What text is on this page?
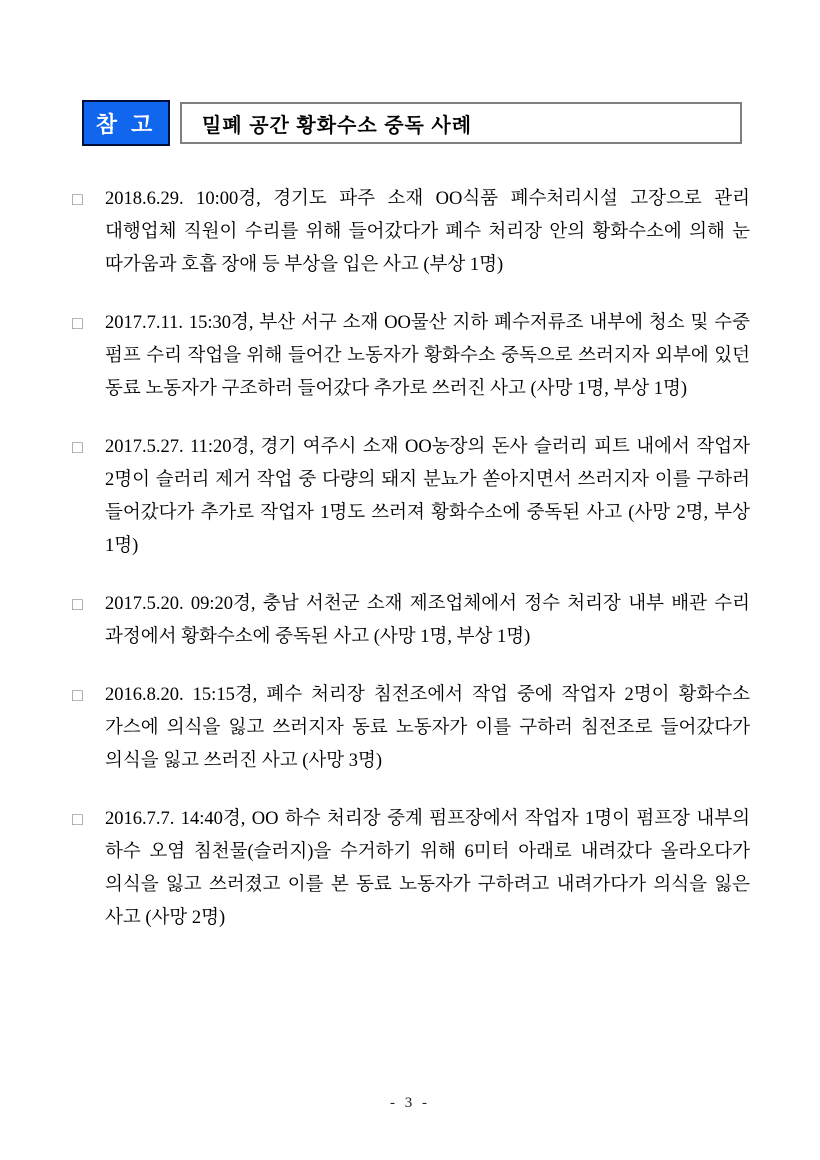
참 고 밀폐 공간 황화수소 중독 사례
□	2018.6.29. 10:00경, 경기도 파주 소재 OO식품 폐수처리시설 고장으로 관리 대행업체 직원이 수리를 위해 들어갔다가 폐수 처리장 안의 황화수소에 의해 눈 따가움과 호흡 장애 등 부상을 입은 사고 (부상 1명)

□	2017.7.11. 15:30경, 부산 서구 소재 OO물산 지하 폐수저류조 내부에 청소 및 수중 펌프 수리 작업을 위해 들어간 노동자가 황화수소 중독으로 쓰러지자 외부에 있던 동료 노동자가 구조하러 들어갔다 추가로 쓰러진 사고 (사망 1명, 부상 1명)

□	2017.5.27. 11:20경, 경기 여주시 소재 OO농장의 돈사 슬러리 피트 내에서 작업자 2명이 슬러리 제거 작업 중 다량의 돼지 분뇨가 쏟아지면서 쓰러지자 이를 구하러 들어갔다가 추가로 작업자 1명도 쓰러져 황화수소에 중독된 사고 (사망 2명, 부상 1명)

□	2017.5.20. 09:20경, 충남 서천군 소재 제조업체에서 정수 처리장 내부 배관 수리 과정에서 황화수소에 중독된 사고 (사망 1명, 부상 1명)

□	2016.8.20. 15:15경, 폐수 처리장 침전조에서 작업 중에 작업자 2명이 황화수소 가스에 의식을 잃고 쓰러지자 동료 노동자가 이를 구하러 침전조로 들어갔다가 의식을 잃고 쓰러진 사고 (사망 3명)

□	2016.7.7. 14:40경, OO 하수 처리장 중계 펌프장에서 작업자 1명이 펌프장 내부의 하수 오염 침천물(슬러지)을 수거하기 위해 6미터 아래로 내려갔다 올라오다가 의식을 잃고 쓰러졌고 이를 본 동료 노동자가 구하려고 내려가다가 의식을 잃은 사고 (사망 2명)

- 3 -
